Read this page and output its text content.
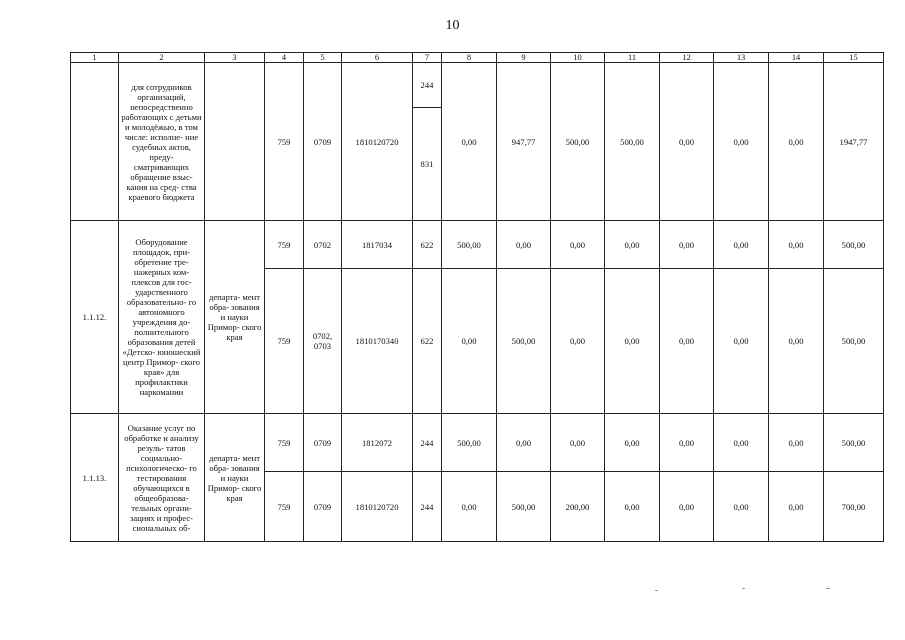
10
1	2	3	4	5	6	7	8	9	10	11	12	13	14	15
	для сотрудников организаций, непосредственно работающих с детьми и молодёжью, в том числе: исполне- ние судебных актов, преду- сматривающих обращение взыс- кания на сред- ства краевого бюджета		759	0709	1810120720	244	0,00	947,77	500,00	500,00	0,00	0,00	0,00	1947,77
						831								
1.1.12.	Оборудование площадок, при- обретение тре- нажерных ком- плексов для гос- ударственного образовательно- го автономного учреждения до- полнительного образования детей «Детско- юношеский центр Примор- ского края» для профилактики наркомании	департа- мент обра- зования и науки Примор- ского края	759	0702	1817034	622	500,00	0,00	0,00	0,00	0,00	0,00	0,00	500,00
			759	0702, 0703	1810170340	622	0,00	500,00	0,00	0,00	0,00	0,00	0,00	500,00
1.1.13.	Оказание услуг по обработке и анализу резуль- татов социально- психологическо- го тестирования обучающихся в общеобразова- тельных органи- зациях и профес- сиональных об-	департа- мент обра- зования и науки Примор- ского края	759	0709	1812072	244	500,00	0,00	0,00	0,00	0,00	0,00	0,00	500,00
			759	0709	1810120720	244	0,00	500,00	200,00	0,00	0,00	0,00	0,00	700,00
